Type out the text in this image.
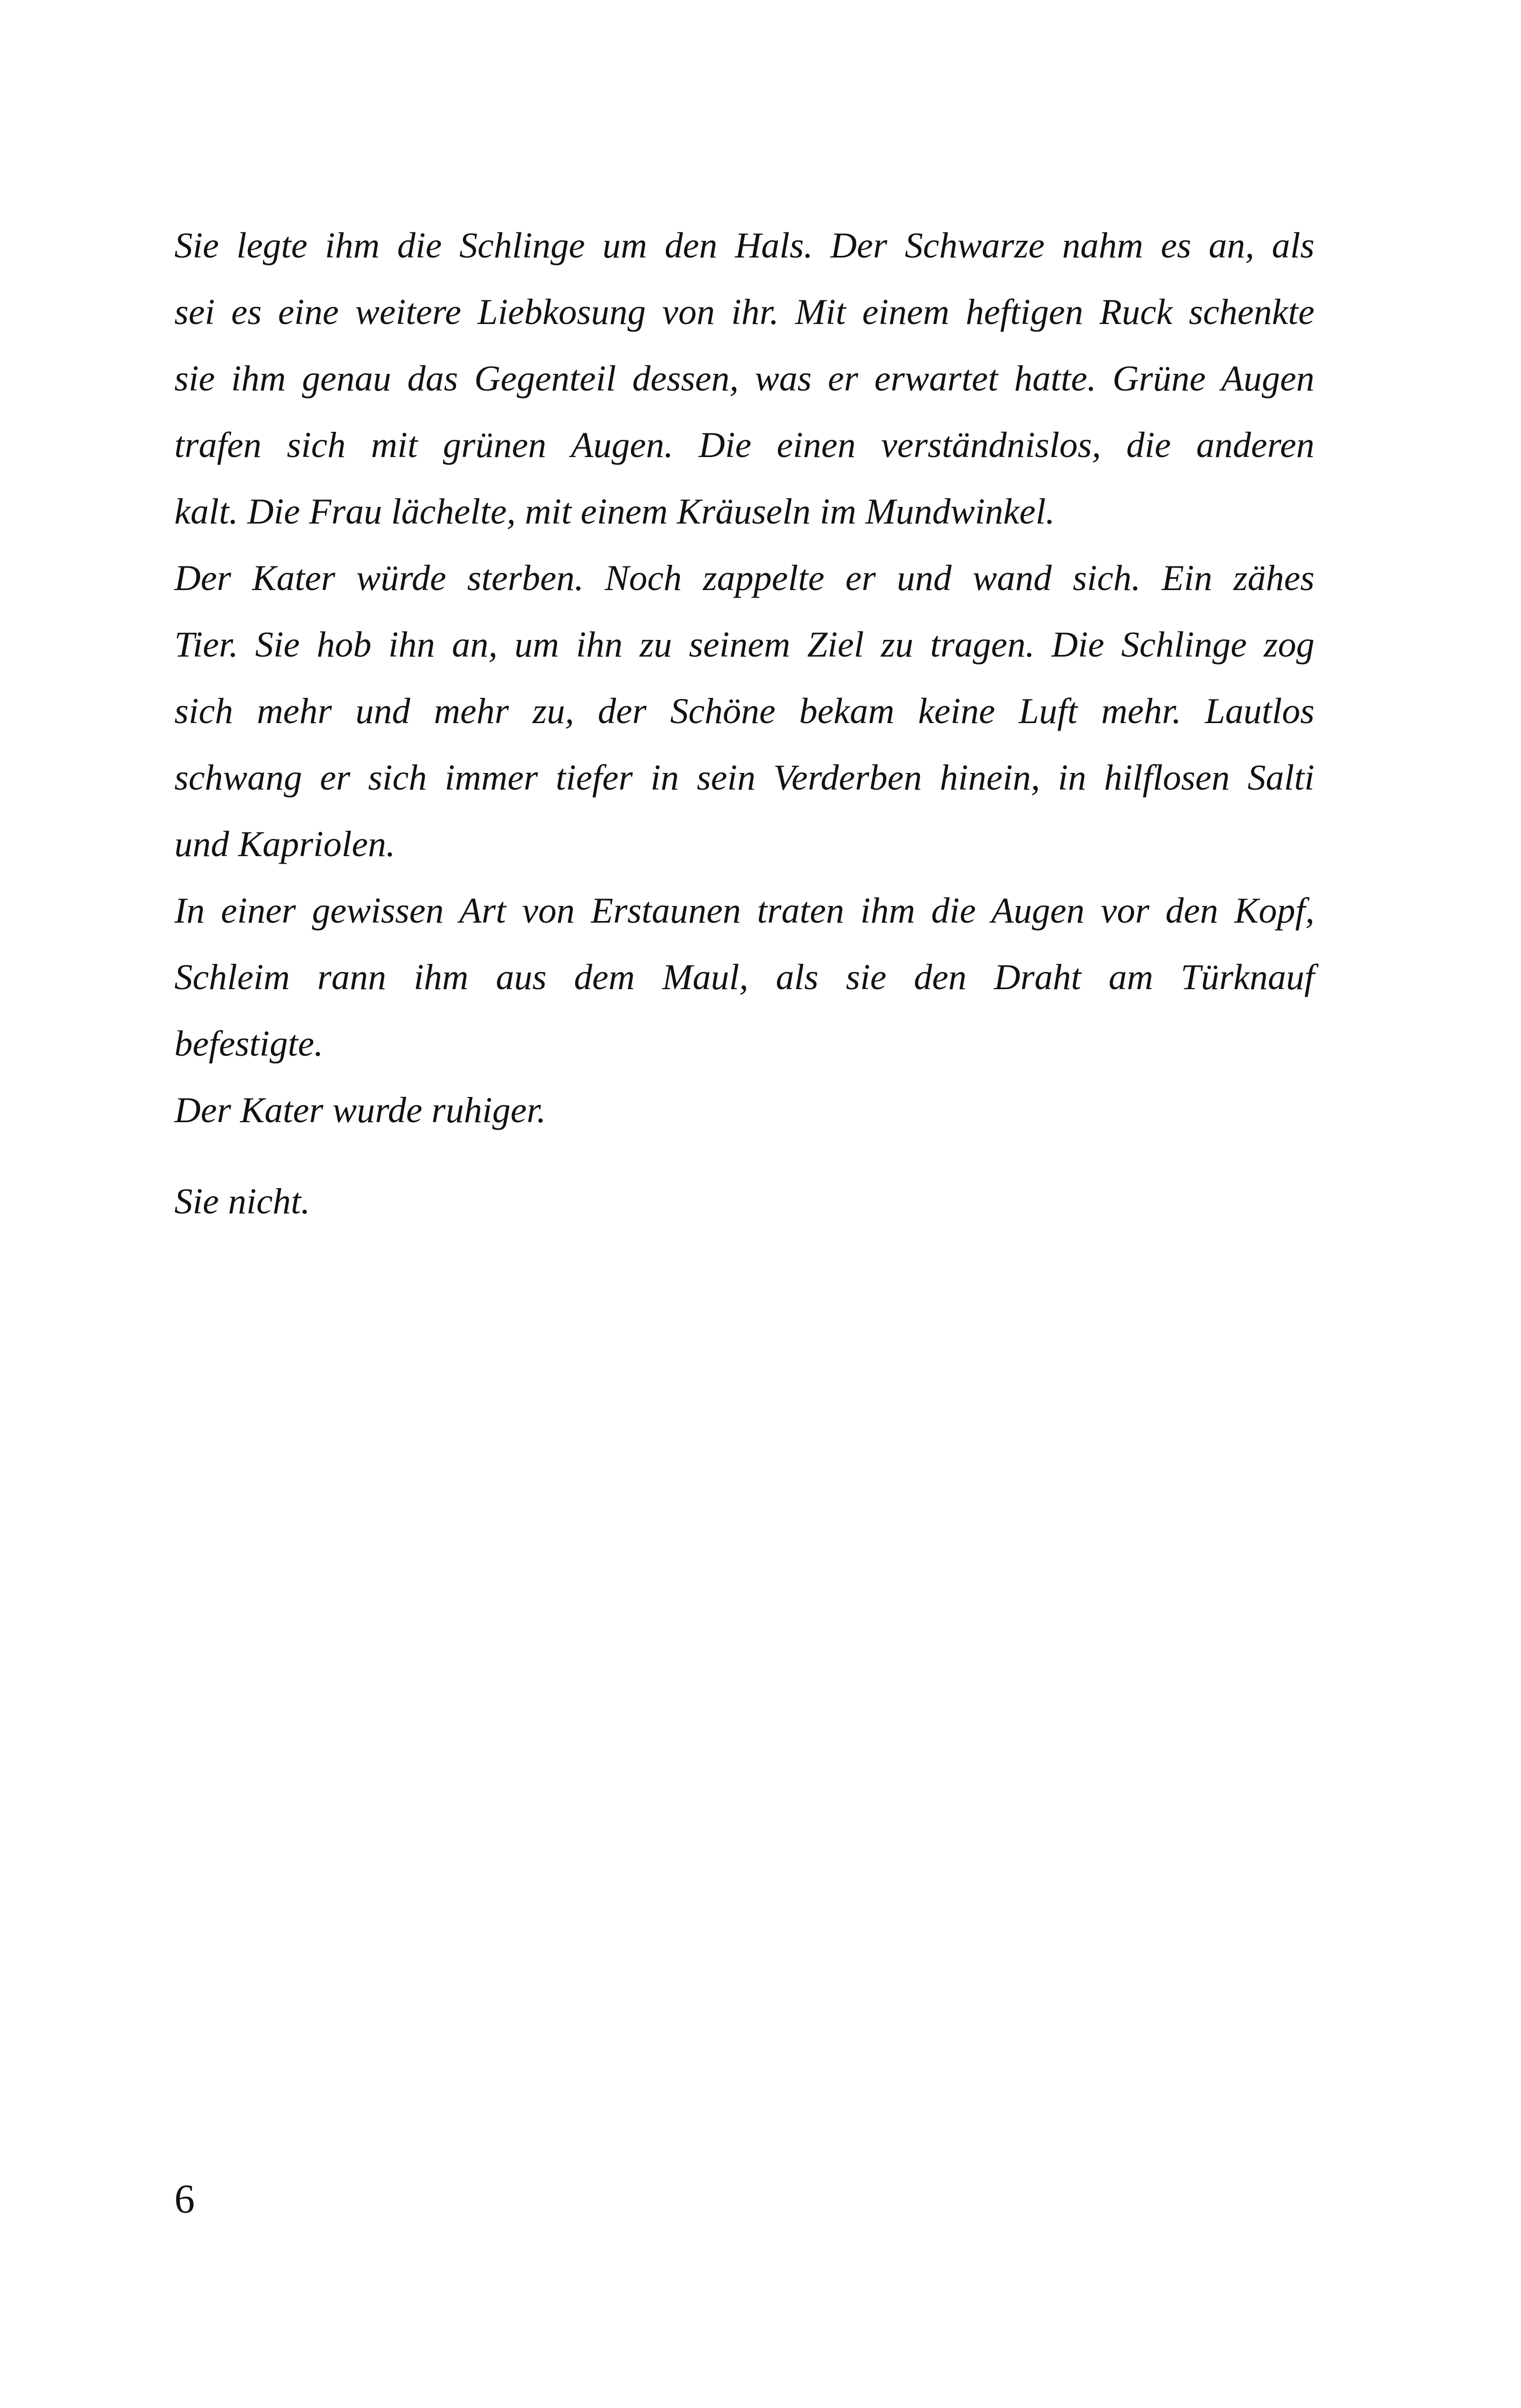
Sie legte ihm die Schlinge um den Hals. Der Schwarze nahm es an, als
sei es eine weitere Liebkosung von ihr. Mit einem heftigen Ruck schenkte
sie ihm genau das Gegenteil dessen, was er erwartet hatte. Grüne Augen
trafen sich mit grünen Augen. Die einen verständnislos, die anderen
kalt. Die Frau lächelte, mit einem Kräuseln im Mundwinkel.
Der Kater würde sterben. Noch zappelte er und wand sich. Ein zähes
Tier. Sie hob ihn an, um ihn zu seinem Ziel zu tragen. Die Schlinge zog
sich mehr und mehr zu, der Schöne bekam keine Luft mehr. Lautlos
schwang er sich immer tiefer in sein Verderben hinein, in hilflosen Salti
und Kapriolen.
In einer gewissen Art von Erstaunen traten ihm die Augen vor den Kopf,
Schleim rann ihm aus dem Maul, als sie den Draht am Türknauf
befestigte.
Der Kater wurde ruhiger.
Sie nicht.
6
